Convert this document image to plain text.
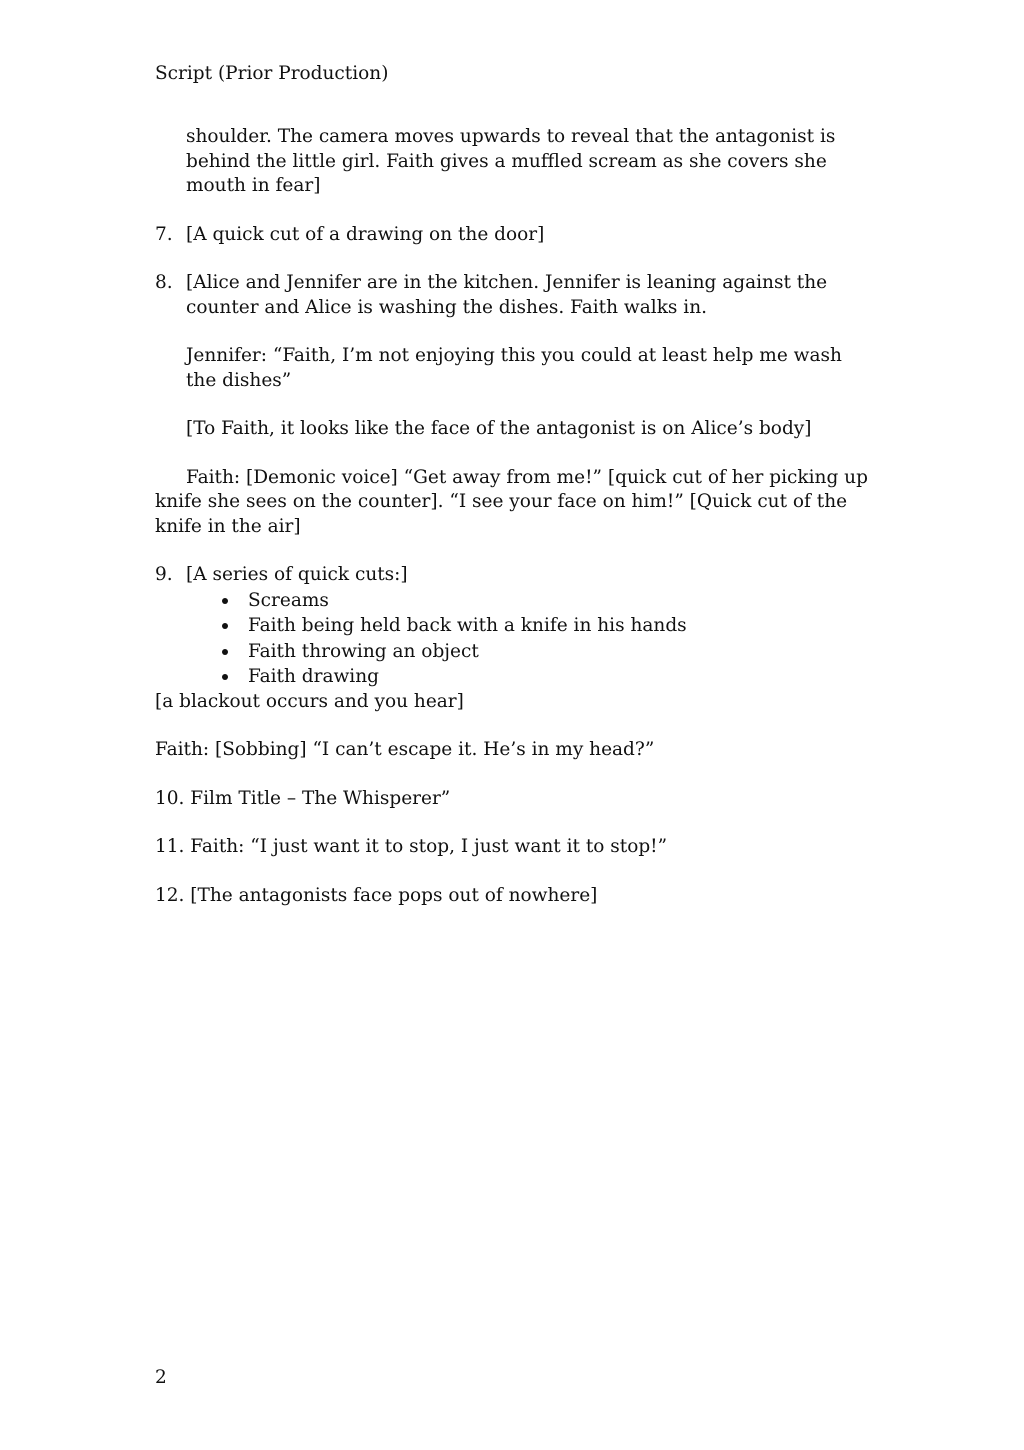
Script (Prior Production)

shoulder. The camera moves upwards to reveal that the antagonist is behind the little girl. Faith gives a muffled scream as she covers she mouth in fear]

7. [A quick cut of a drawing on the door]
8. [Alice and Jennifer are in the kitchen. Jennifer is leaning against the counter and Alice is washing the dishes. Faith walks in.

Jennifer: “Faith, I’m not enjoying this you could at least help me wash the dishes”

[To Faith, it looks like the face of the antagonist is on Alice’s body]

Faith: [Demonic voice] “Get away from me!” [quick cut of her picking up knife she sees on the counter]. “I see your face on him!” [Quick cut of the knife in the air]

9. [A series of quick cuts:]
Screams
Faith being held back with a knife in his hands
Faith throwing an object
Faith drawing

[a blackout occurs and you hear]

Faith: [Sobbing] “I can’t escape it. He’s in my head?”

10. Film Title – The Whisperer”

11. Faith: “I just want it to stop, I just want it to stop!”

12. [The antagonists face pops out of nowhere]

2
